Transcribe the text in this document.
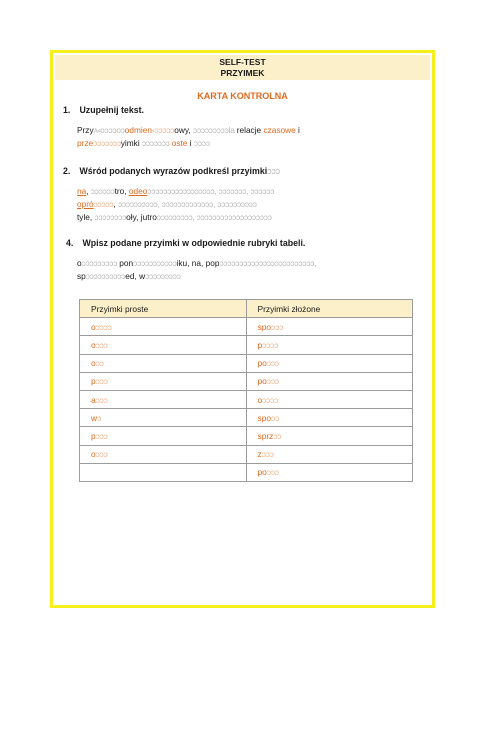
SELF-TEST
PRZYIMEK
KARTA KONTROLNA
1. Uzupełnij tekst.
Przyʌ⸗oɔɔɔoɔodmien⸗ɔɔɔɔɔowy, ɔɔɔɔɔɔɔɔɔla relacje czasowe i
przeɔɔɔɔɔɔɔyimki ɔɔɔɔɔɔɔ oste i ɔɔɔɔ
2. Wśród podanych wyrazów podkreśl przyimkiɔɔɔ
na, ɔɔɔɔɔɔtro, odeoɔɔɔɔɔɔɔɔɔɔɔɔɔɔɔɔɔ, ɔɔɔɔɔɔɔ, ɔɔɔɔɔɔ
opróɔɔɔɔɔ, ɔɔɔɔɔɔɔɔɔɔ, ɔɔɔɔɔɔɔɔɔɔɔɔɔ, ɔɔɔɔɔɔɔɔɔɔ
tyle, ɔɔɔɔɔɔɔɔoły, jutroɔɔɔɔɔɔɔɔɔ, ɔɔɔɔɔɔɔɔɔɔɔɔɔɔɔɔɔɔɔ
4. Wpisz podane przyimki w odpowiednie rubryki tabeli.
oɔɔɔɔɔɔɔɔɔ ponɔɔɔɔɔɔɔɔɔɔɔiku, na, popɔɔɔɔɔɔɔɔɔɔɔɔɔɔɔɔɔɔɔɔɔɔɔɔ,
spɔɔɔɔɔɔɔɔɔɔed, wɔɔɔɔɔɔɔɔɔ
Przyimki proste	Przyimki złożone
oɔɔɔɔ	spoɔɔɔ
oɔɔɔ	pɔɔɔɔ
oɔɔ	poɔɔɔ
pɔɔɔ	poɔɔɔ
aɔɔɔ	oɔɔɔɔ
wɔ	spoɔɔ
pɔɔɔ	sprzɔɔ
oɔɔɔ	zɔɔɔ
	poɔɔɔ
